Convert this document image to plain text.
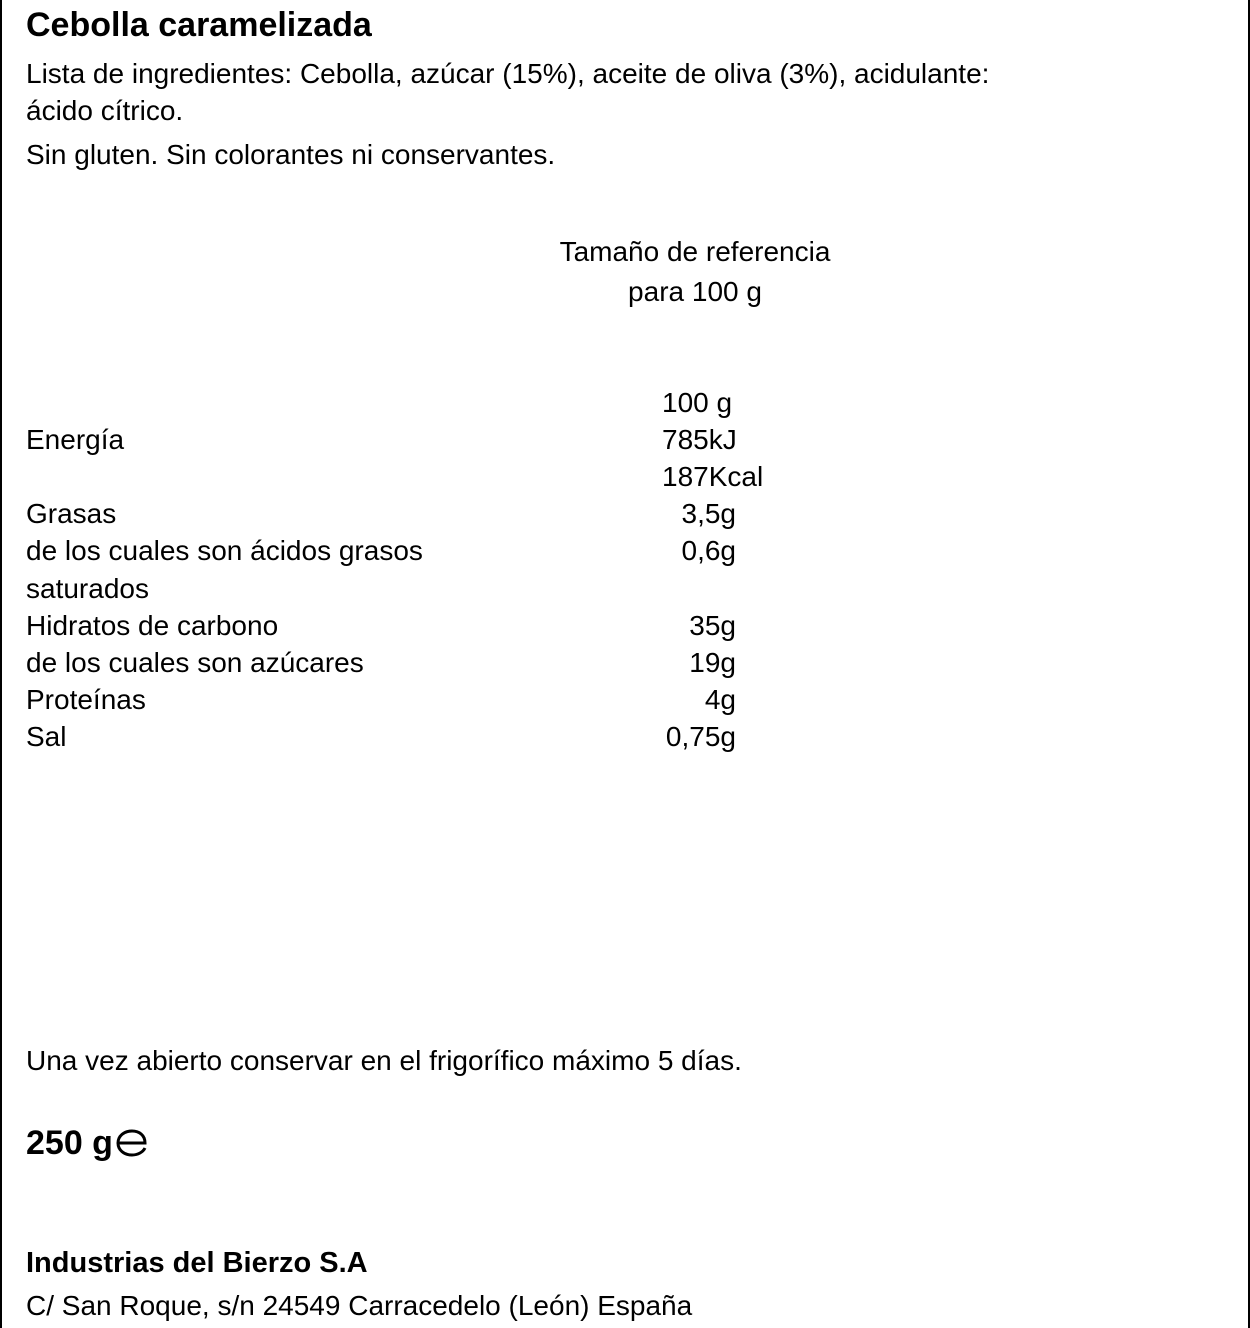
Cebolla caramelizada
Lista de ingredientes: Cebolla, azúcar (15%), aceite de oliva (3%), acidulante:
ácido cítrico.
Sin gluten. Sin colorantes ni conservantes.
Tamaño de referencia
para 100 g
100 g
Energía	785kJ
187Kcal
Grasas	3,5g
de los cuales son ácidos grasos	0,6g
saturados
Hidratos de carbono	35g
de los cuales son azúcares	19g
Proteínas	4g
Sal	0,75g
Una vez abierto conservar en el frigorífico máximo 5 días.
250 g
Industrias del Bierzo S.A
C/ San Roque, s/n 24549 Carracedelo (León) España
